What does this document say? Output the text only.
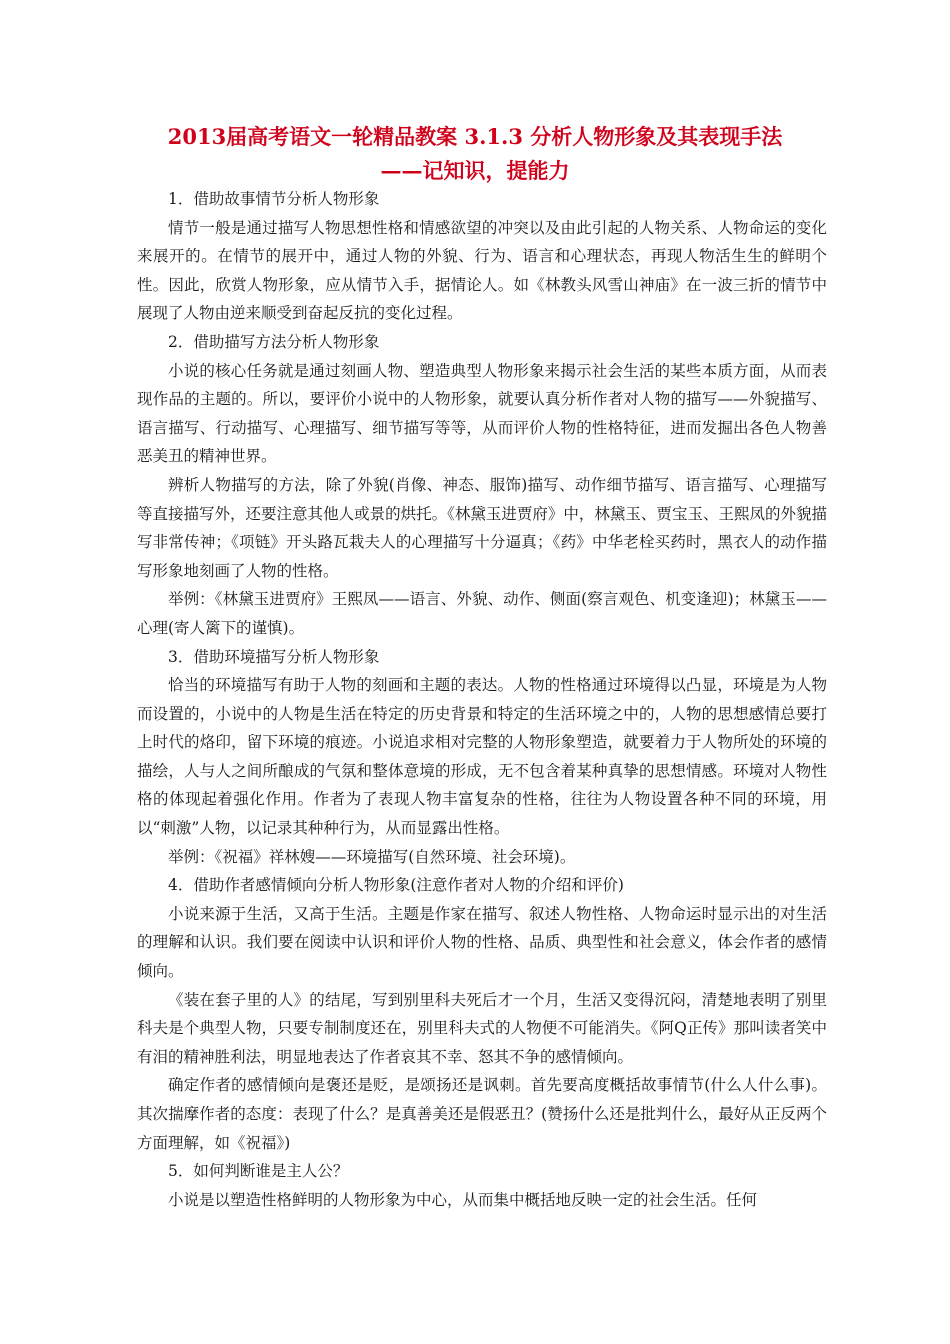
2013届高考语文一轮精品教案 3.1.3 分析人物形象及其表现手法
——记知识，提能力

1．借助故事情节分析人物形象

情节一般是通过描写人物思想性格和情感欲望的冲突以及由此引起的人物关系、人物命运的变化来展开的。在情节的展开中，通过人物的外貌、行为、语言和心理状态，再现人物活生生的鲜明个性。因此，欣赏人物形象，应从情节入手，据情论人。如《林教头风雪山神庙》在一波三折的情节中展现了人物由逆来顺受到奋起反抗的变化过程。

2．借助描写方法分析人物形象

小说的核心任务就是通过刻画人物、塑造典型人物形象来揭示社会生活的某些本质方面，从而表现作品的主题的。所以，要评价小说中的人物形象，就要认真分析作者对人物的描写——外貌描写、语言描写、行动描写、心理描写、细节描写等等，从而评价人物的性格特征，进而发掘出各色人物善恶美丑的精神世界。

辨析人物描写的方法，除了外貌(肖像、神态、服饰)描写、动作细节描写、语言描写、心理描写等直接描写外，还要注意其他人或景的烘托。《林黛玉进贾府》中，林黛玉、贾宝玉、王熙凤的外貌描写非常传神；《项链》开头路瓦栽夫人的心理描写十分逼真；《药》中华老栓买药时，黑衣人的动作描写形象地刻画了人物的性格。

举例：《林黛玉进贾府》王熙凤——语言、外貌、动作、侧面(察言观色、机变逢迎)；林黛玉——心理(寄人篱下的谨慎)。

3．借助环境描写分析人物形象

恰当的环境描写有助于人物的刻画和主题的表达。人物的性格通过环境得以凸显，环境是为人物而设置的，小说中的人物是生活在特定的历史背景和特定的生活环境之中的，人物的思想感情总要打上时代的烙印，留下环境的痕迹。小说追求相对完整的人物形象塑造，就要着力于人物所处的环境的描绘，人与人之间所酿成的气氛和整体意境的形成，无不包含着某种真挚的思想情感。环境对人物性格的体现起着强化作用。作者为了表现人物丰富复杂的性格，往往为人物设置各种不同的环境，用以“刺激”人物，以记录其种种行为，从而显露出性格。

举例：《祝福》祥林嫂——环境描写(自然环境、社会环境)。

4．借助作者感情倾向分析人物形象(注意作者对人物的介绍和评价)

小说来源于生活，又高于生活。主题是作家在描写、叙述人物性格、人物命运时显示出的对生活的理解和认识。我们要在阅读中认识和评价人物的性格、品质、典型性和社会意义，体会作者的感情倾向。

《装在套子里的人》的结尾，写到别里科夫死后才一个月，生活又变得沉闷，清楚地表明了别里科夫是个典型人物，只要专制制度还在，别里科夫式的人物便不可能消失。《阿Q正传》那叫读者笑中有泪的精神胜利法，明显地表达了作者哀其不幸、怒其不争的感情倾向。

确定作者的感情倾向是褒还是贬，是颂扬还是讽刺。首先要高度概括故事情节(什么人什么事)。其次揣摩作者的态度：表现了什么？是真善美还是假恶丑？(赞扬什么还是批判什么，最好从正反两个方面理解，如《祝福》)

5．如何判断谁是主人公？

小说是以塑造性格鲜明的人物形象为中心，从而集中概括地反映一定的社会生活。任何
